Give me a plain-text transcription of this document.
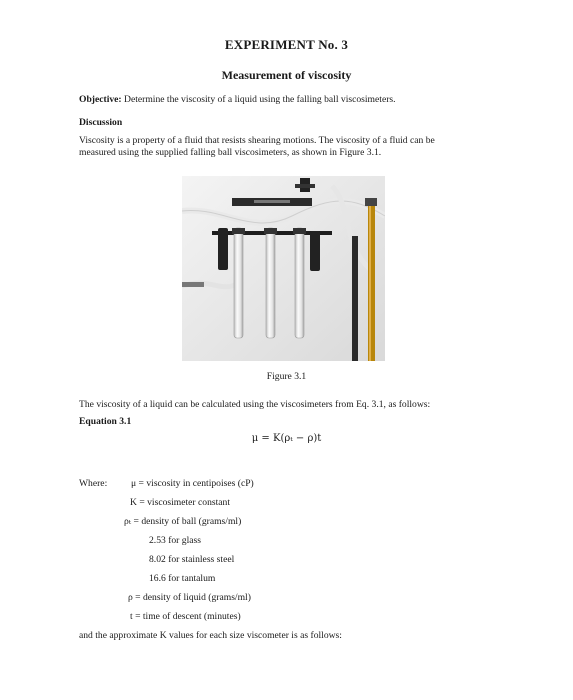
EXPERIMENT No. 3
Measurement of viscosity
Objective: Determine the viscosity of a liquid using the falling ball viscosimeters.
Discussion
Viscosity is a property of a fluid that resists shearing motions. The viscosity of a fluid can be
measured using the supplied falling ball viscosimeters, as shown in Figure 3.1.
Figure 3.1
The viscosity of a liquid can be calculated using the viscosimeters from Eq. 3.1, as follows:
Equation 3.1
μ = K(ρₜ − ρ)t
Where: μ = viscosity in centipoises (cP)
K = viscosimeter constant
ρₜ = density of ball (grams/ml)
2.53 for glass
8.02 for stainless steel
16.6 for tantalum
ρ = density of liquid (grams/ml)
t = time of descent (minutes)
and the approximate K values for each size viscometer is as follows:
